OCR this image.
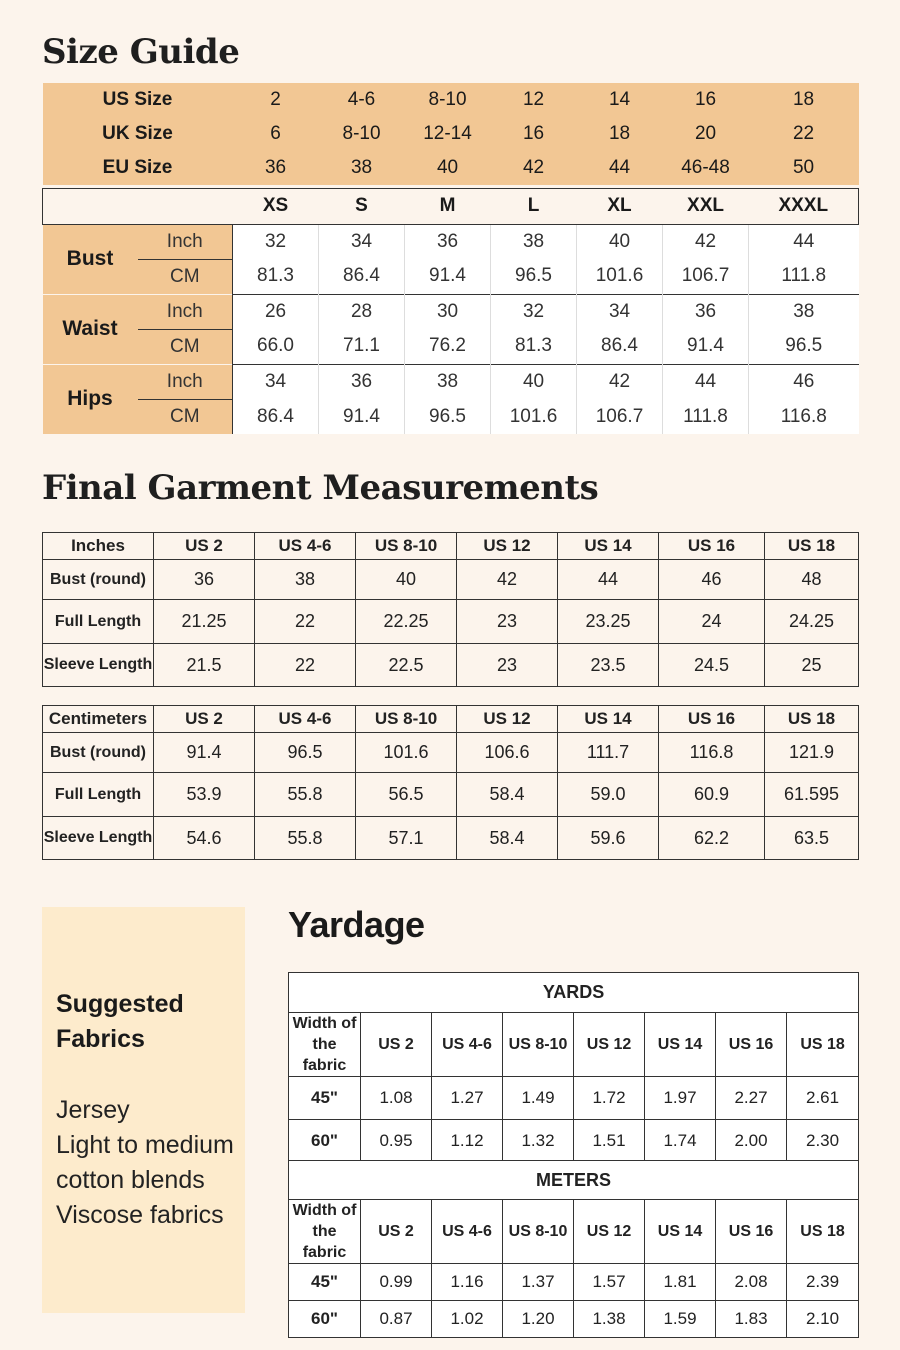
Size Guide
US Size		2	4-6	8-10	12	14	16	18
UK Size		6	8-10	12-14	16	18	20	22
EU Size		36	38	40	42	44	46-48	50

		XS	S	M	L	XL	XXL	XXXL
Bust	Inch	32	34	36	38	40	42	44
	CM	81.3	86.4	91.4	96.5	101.6	106.7	111.8
Waist	Inch	26	28	30	32	34	36	38
	CM	66.0	71.1	76.2	81.3	86.4	91.4	96.5
Hips	Inch	34	36	38	40	42	44	46
	CM	86.4	91.4	96.5	101.6	106.7	111.8	116.8
Final Garment Measurements
Inches	US 2	US 4-6	US 8-10	US 12	US 14	US 16	US 18
Bust (round)	36	38	40	42	44	46	48
Full Length	21.25	22	22.25	23	23.25	24	24.25
Sleeve Length	21.5	22	22.5	23	23.5	24.5	25
Centimeters	US 2	US 4-6	US 8-10	US 12	US 14	US 16	US 18
Bust (round)	91.4	96.5	101.6	106.6	111.7	116.8	121.9
Full Length	53.9	55.8	56.5	58.4	59.0	60.9	61.595
Sleeve Length	54.6	55.8	57.1	58.4	59.6	62.2	63.5
Suggested
Fabrics
Jersey
Light to medium
cotton blends
Viscose fabrics
Yardage
YARDS							
Width of
the fabric	US 2	US 4-6	US 8-10	US 12	US 14	US 16	US 18
45"	1.08	1.27	1.49	1.72	1.97	2.27	2.61
60"	0.95	1.12	1.32	1.51	1.74	2.00	2.30
METERS							
Width of
the fabric	US 2	US 4-6	US 8-10	US 12	US 14	US 16	US 18
45"	0.99	1.16	1.37	1.57	1.81	2.08	2.39
60"	0.87	1.02	1.20	1.38	1.59	1.83	2.10
